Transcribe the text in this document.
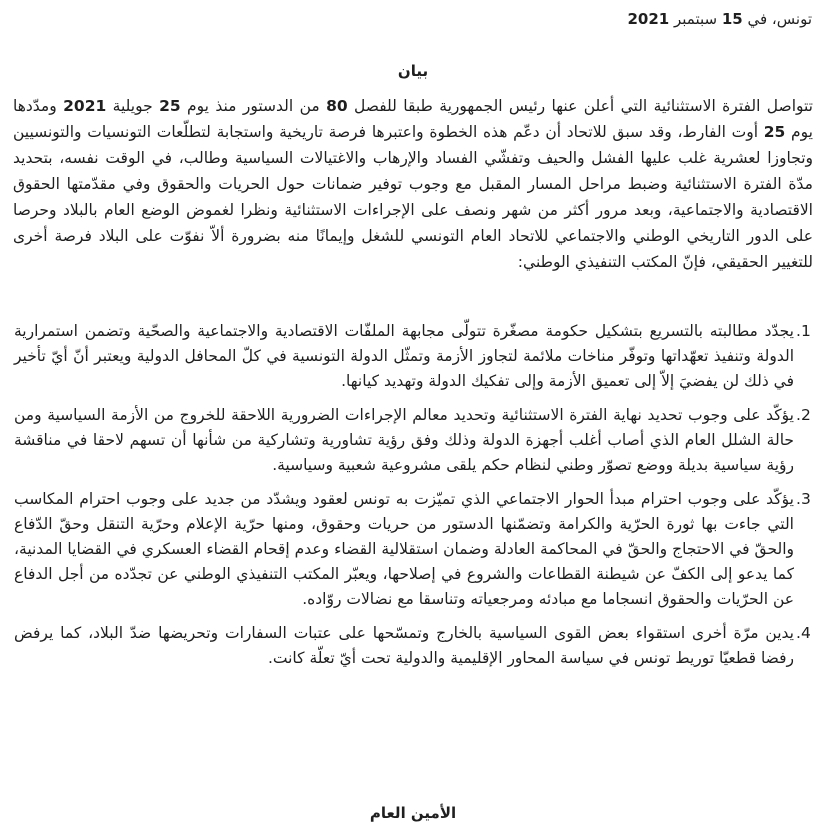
تونس، في 15 سبتمبر 2021
بيان

تتواصل الفترة الاستثنائية التي أعلن عنها رئيس الجمهورية طبقا للفصل 80 من الدستور منذ يوم 25 جويلية 2021 ومدّدها يوم 25 أوت الفارط، وقد سبق للاتحاد أن دعّم هذه الخطوة واعتبرها فرصة تاريخية واستجابة لتطلّعات التونسيات والتونسيين وتجاوزا لعشرية غلب عليها الفشل والحيف وتفشّي الفساد والإرهاب والاغتيالات السياسية وطالب، في الوقت نفسه، بتحديد مدّة الفترة الاستثنائية وضبط مراحل المسار المقبل مع وجوب توفير ضمانات حول الحريات والحقوق وفي مقدّمتها الحقوق الاقتصادية والاجتماعية، وبعد مرور أكثر من شهر ونصف على الإجراءات الاستثنائية ونظرا لغموض الوضع العام بالبلاد وحرصا على الدور التاريخي الوطني والاجتماعي للاتحاد العام التونسي للشغل وإيمانًا منه بضرورة ألاّ نفوّت على البلاد فرصة أخرى للتغيير الحقيقي، فإنّ المكتب التنفيذي الوطني:

1.
يجدّد مطالبته بالتسريع بتشكيل حكومة مصغّرة تتولّى مجابهة الملفّات الاقتصادية والاجتماعية والصحّية وتضمن استمرارية الدولة وتنفيذ تعهّداتها وتوفّر مناخات ملائمة لتجاوز الأزمة وتمثّل الدولة التونسية في كلّ المحافل الدولية ويعتبر أنّ أيّ تأخير في ذلك لن يفضيَ إلاّ إلى تعميق الأزمة وإلى تفكيك الدولة وتهديد كيانها.
2.
يؤكّد على وجوب تحديد نهاية الفترة الاستثنائية وتحديد معالم الإجراءات الضرورية اللاحقة للخروج من الأزمة السياسية ومن حالة الشلل العام الذي أصاب أغلب أجهزة الدولة وذلك وفق رؤية تشاورية وتشاركية من شأنها أن تسهم لاحقا في مناقشة رؤية سياسية بديلة ووضع تصوّر وطني لنظام حكم يلقى مشروعية شعبية وسياسية.
3.
يؤكّد على وجوب احترام مبدأ الحوار الاجتماعي الذي تميّزت به تونس لعقود ويشدّد من جديد على وجوب احترام المكاسب التي جاءت بها ثورة الحرّية والكرامة وتضمّنها الدستور من حريات وحقوق، ومنها حرّية الإعلام وحرّية التنقل وحقّ الدّفاع والحقّ في الاحتجاج والحقّ في المحاكمة العادلة وضمان استقلالية القضاء وعدم إقحام القضاء العسكري في القضايا المدنية، كما يدعو إلى الكفّ عن شيطنة القطاعات والشروع في إصلاحها، ويعبّر المكتب التنفيذي الوطني عن تجدّده من أجل الدفاع عن الحرّيات والحقوق انسجاما مع مبادئه ومرجعياته وتناسقا مع نضالات روّاده.
4.
يدين مرّة أخرى استقواء بعض القوى السياسية بالخارج وتمسّحها على عتبات السفارات وتحريضها ضدّ البلاد، كما يرفض رفضا قطعيّا توريط تونس في سياسة المحاور الإقليمية والدولية تحت أيّ تعلّة كانت.
الأمين العام
